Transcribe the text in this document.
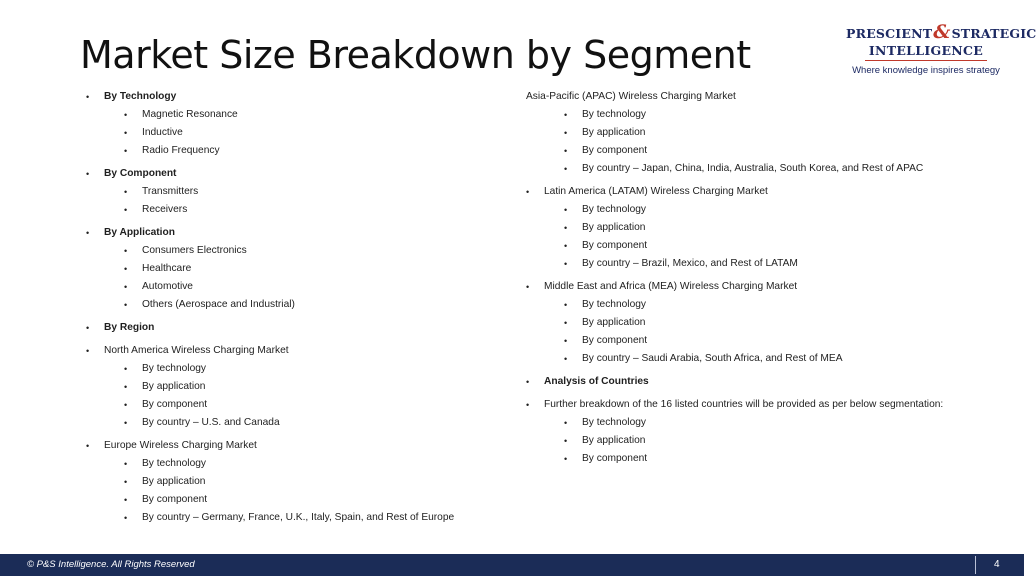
Market Size Breakdown by Segment	PRESCIENT&STRATEGIC
INTELLIGENCE
Where knowledge inspires strategy
• By Technology
• Magnetic Resonance
• Inductive
• Radio Frequency
• By Component
• Transmitters
• Receivers
• By Application
• Consumers Electronics
• Healthcare
• Automotive
• Others (Aerospace and Industrial)
• By Region
• North America Wireless Charging Market
• By technology
• By application
• By component
• By country – U.S. and Canada
• Europe Wireless Charging Market
• By technology
• By application
• By component
• By country – Germany, France, U.K., Italy, Spain, and Rest of Europe
Asia-Pacific (APAC) Wireless Charging Market
• By technology
• By application
• By component
• By country – Japan, China, India, Australia, South Korea, and Rest of APAC
• Latin America (LATAM) Wireless Charging Market
• By technology
• By application
• By component
• By country – Brazil, Mexico, and Rest of LATAM
• Middle East and Africa (MEA) Wireless Charging Market
• By technology
• By application
• By component
• By country – Saudi Arabia, South Africa, and Rest of MEA
• Analysis of Countries
• Further breakdown of the 16 listed countries will be provided as per below segmentation:
• By technology
• By application
• By component
© P&S Intelligence. All Rights Reserved	4
